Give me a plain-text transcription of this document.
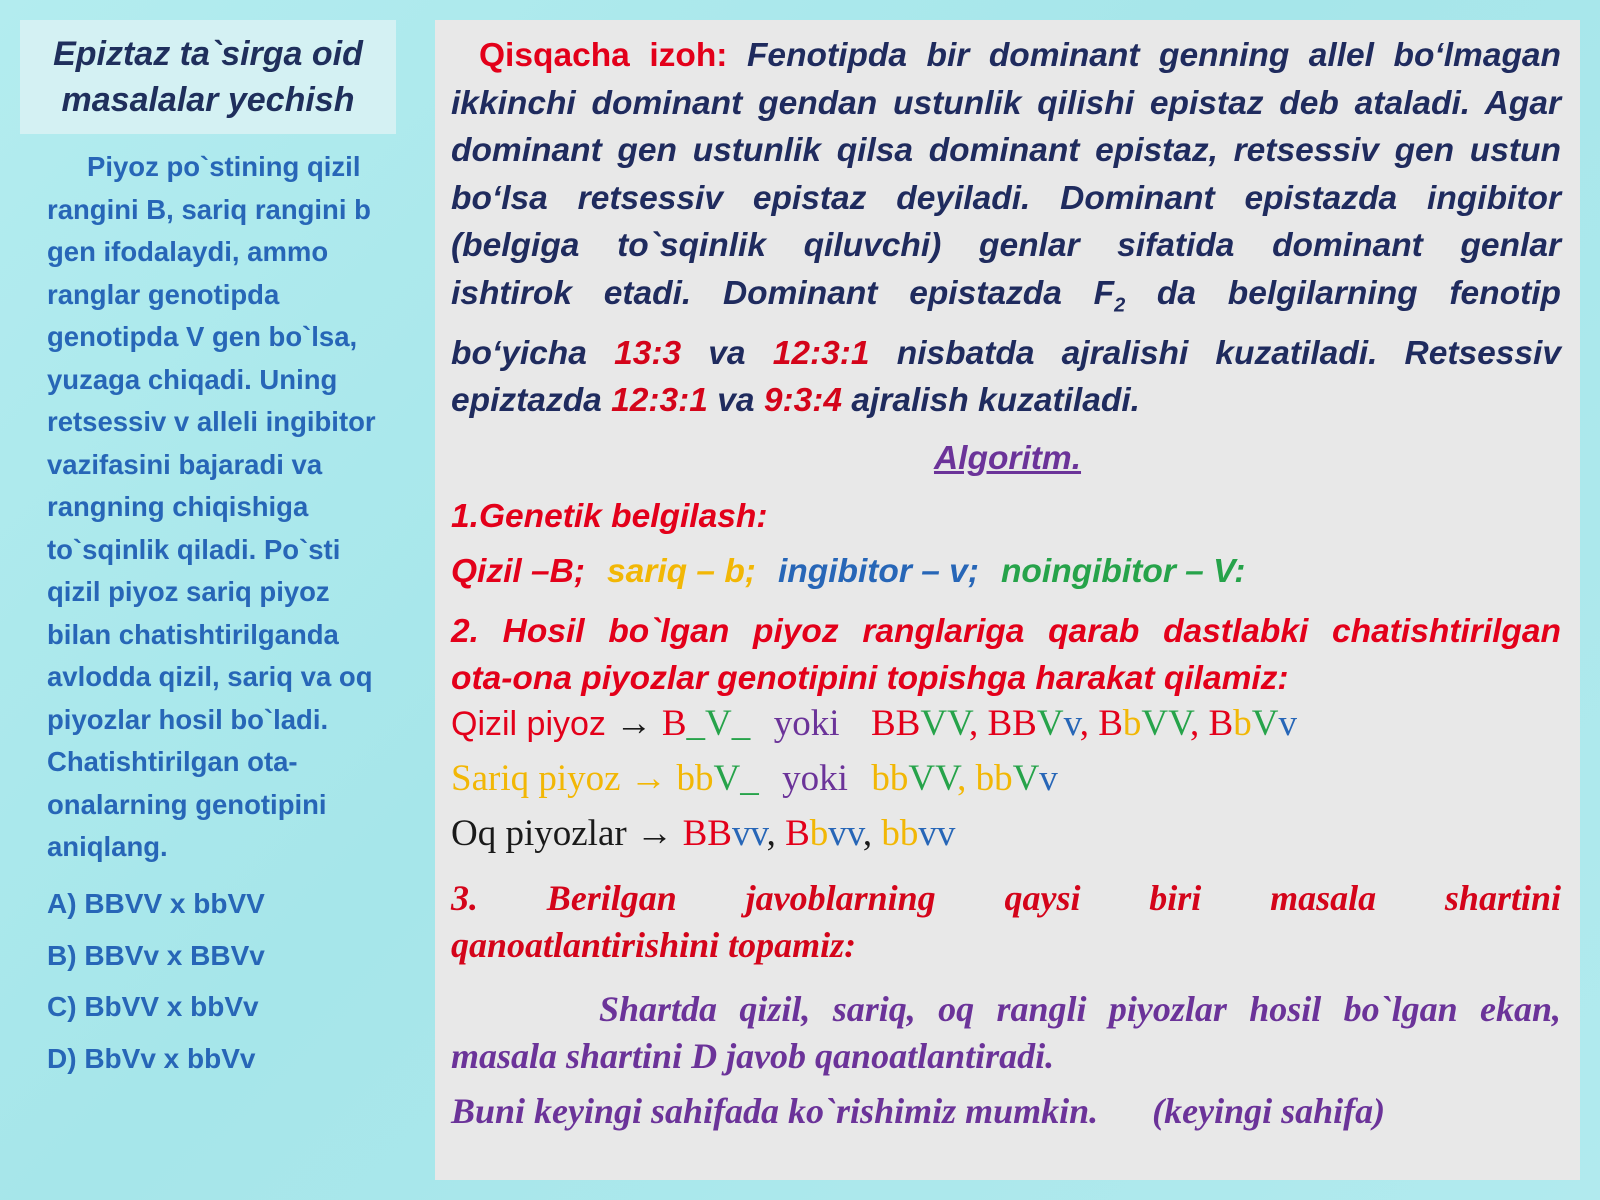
Epiztaz ta`sirga oid
masalalar yechish
Piyoz po`stining qizil
rangini B, sariq rangini b
gen ifodalaydi, ammo
ranglar genotipda
genotipda V gen bo`lsa,
yuzaga chiqadi. Uning
retsessiv v alleli ingibitor
vazifasini bajaradi va
rangning chiqishiga
to`sqinlik qiladi. Po`sti
qizil piyoz sariq piyoz
bilan chatishtirilganda
avlodda qizil, sariq va oq
piyozlar hosil bo`ladi.
Chatishtirilgan ota-
onalarning genotipini
aniqlang.
A) BBVV x bbVV
B) BBVv x BBVv
C) BbVV x bbVv
D) BbVv x bbVv
Qisqacha izoh: Fenotipda bir dominant genning allel boʻlmagan
ikkinchi dominant gendan ustunlik qilishi epistaz deb ataladi. Agar
dominant gen ustunlik qilsa dominant epistaz, retsessiv gen ustun
boʻlsa retsessiv epistaz deyiladi. Dominant epistazda ingibitor
(belgiga to`sqinlik qiluvchi) genlar sifatida dominant genlar
ishtirok etadi. Dominant epistazda $F_2$ da belgilarning fenotip
boʻyicha 13:3 va 12:3:1 nisbatda ajralishi kuzatiladi. Retsessiv
epiztazda 12:3:1 va 9:3:4 ajralish kuzatiladi.
Algoritm.
1.Genetik belgilash:
Qizil –B; sariq – b; ingibitor – v; noingibitor – V:
2. Hosil bo`lgan piyoz ranglariga qarab dastlabki chatishtirilgan
ota-ona piyozlar genotipini topishga harakat qilamiz:
Qizil piyoz → B_V_ yoki BBVV, BBVv, BbVV, BbVv
Sariq piyoz → bbV_ yoki bbVV, bbVv
Oq piyozlar → BBvv, Bbvv, bbvv
3. Berilgan javoblarning qaysi biri masala shartini
qanoatlantirishini topamiz:
Shartda qizil, sariq, oq rangli piyozlar hosil bo`lgan ekan,
masala shartini D javob qanoatlantiradi.
Buni keyingi sahifada ko`rishimiz mumkin. (keyingi sahifa)
